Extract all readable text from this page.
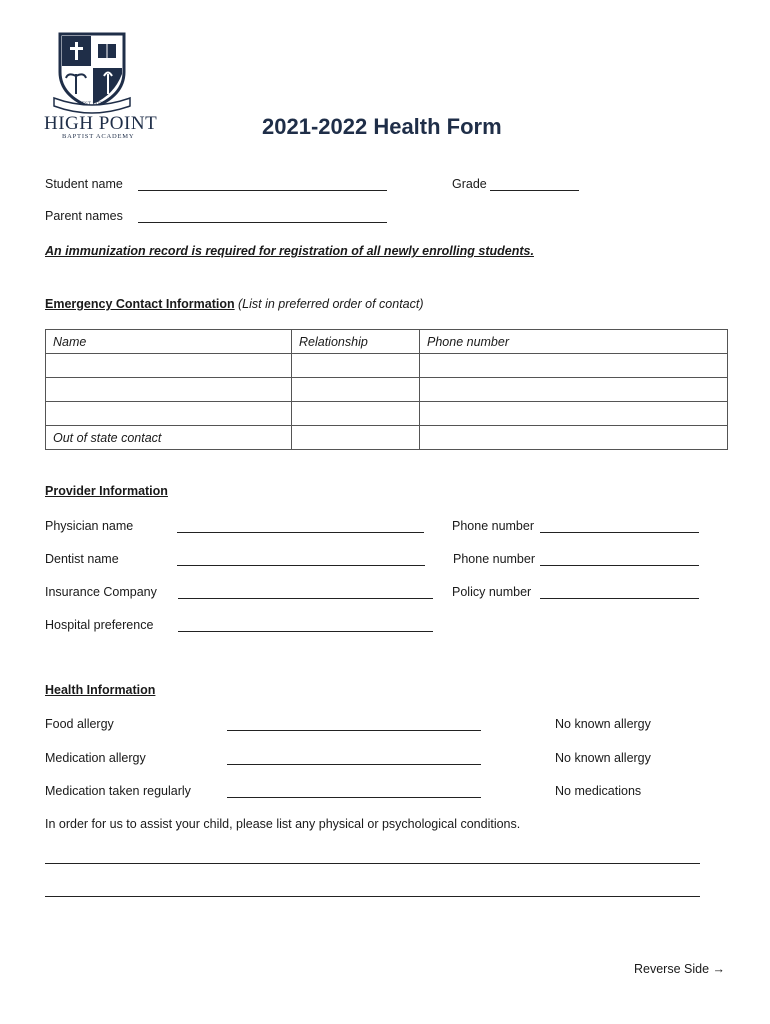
EST 1972
HIGH POINT
BAPTIST ACADEMY	2021-2022 Health Form
Student name	Grade
Parent names
An immunization record is required for registration of all newly enrolling students.
Emergency Contact Information (List in preferred order of contact)
Name	Relationship	Phone number

Out of state contact		
Provider Information
Physician name	Phone number
Dentist name	Phone number
Insurance Company	Policy number
Hospital preference
Health Information
Food allergy	No known allergy
Medication allergy	No known allergy
Medication taken regularly	No medications
In order for us to assist your child, please list any physical or psychological conditions.
Reverse Side →
